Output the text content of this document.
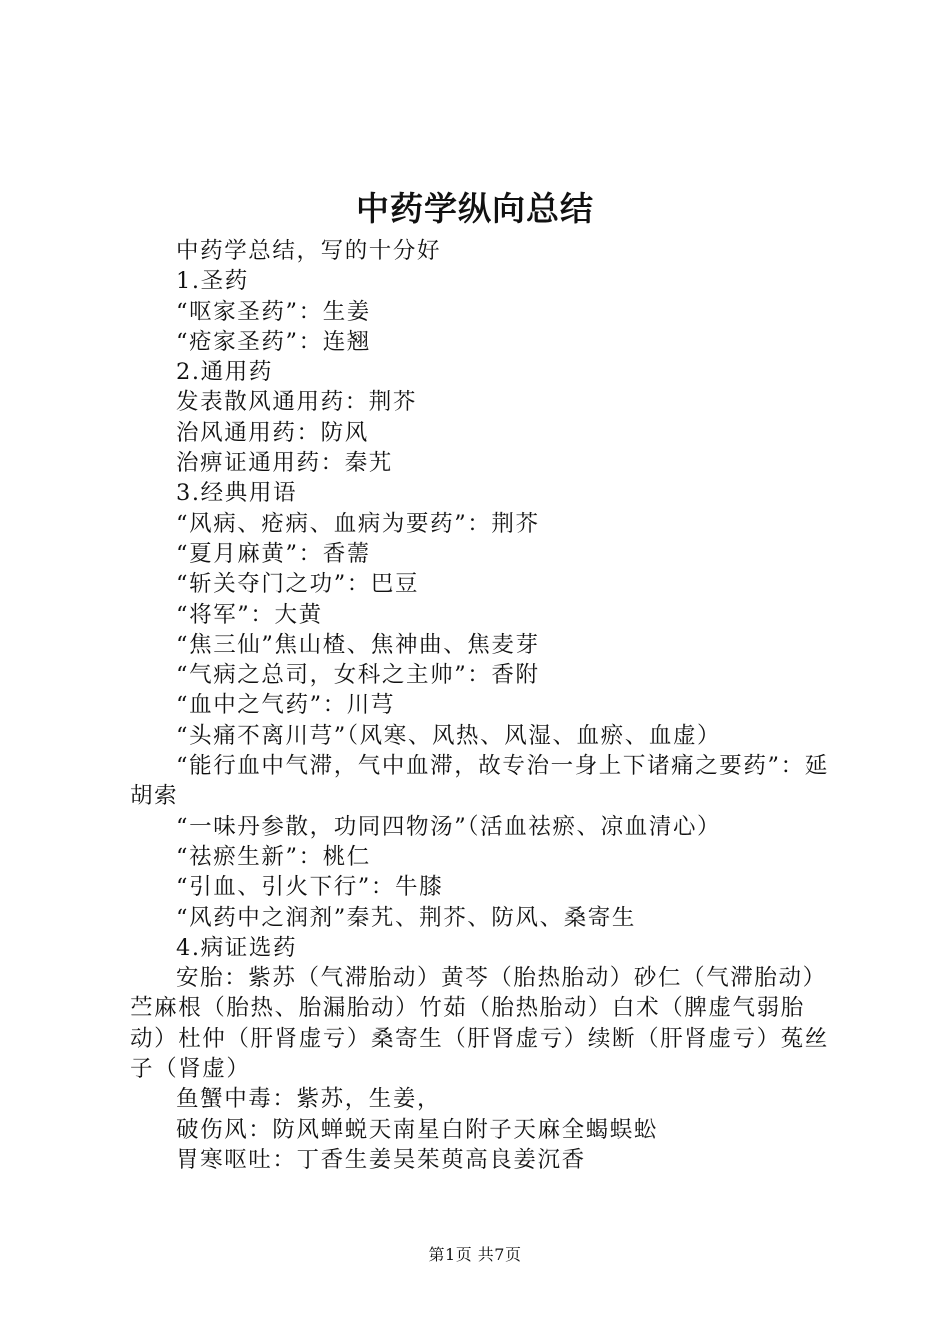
中药学纵向总结

中药学总结，写的十分好

1.圣药

“呕家圣药”：生姜

“疮家圣药”：连翘

2.通用药

发表散风通用药：荆芥

治风通用药：防风

治痹证通用药：秦艽

3.经典用语

“风病、疮病、血病为要药”：荆芥

“夏月麻黄”：香薷

“斩关夺门之功”：巴豆

“将军”：大黄

“焦三仙”焦山楂、焦神曲、焦麦芽

“气病之总司，女科之主帅”：香附

“血中之气药”：川芎

“头痛不离川芎”（风寒、风热、风湿、血瘀、血虚）

“能行血中气滞，气中血滞，故专治一身上下诸痛之要药”：延胡索

“一味丹参散，功同四物汤”（活血祛瘀、凉血清心）

“祛瘀生新”：桃仁

“引血、引火下行”：牛膝

“风药中之润剂”秦艽、荆芥、防风、桑寄生

4.病证选药

安胎：紫苏（气滞胎动）黄芩（胎热胎动）砂仁（气滞胎动）苎麻根（胎热、胎漏胎动）竹茹（胎热胎动）白术（脾虚气弱胎动）杜仲（肝肾虚亏）桑寄生（肝肾虚亏）续断（肝肾虚亏）菟丝子（肾虚）

鱼蟹中毒：紫苏，生姜，

破伤风：防风蝉蜕天南星白附子天麻全蝎蜈蚣

胃寒呕吐：丁香生姜吴茱萸高良姜沉香

第1页 共7页
